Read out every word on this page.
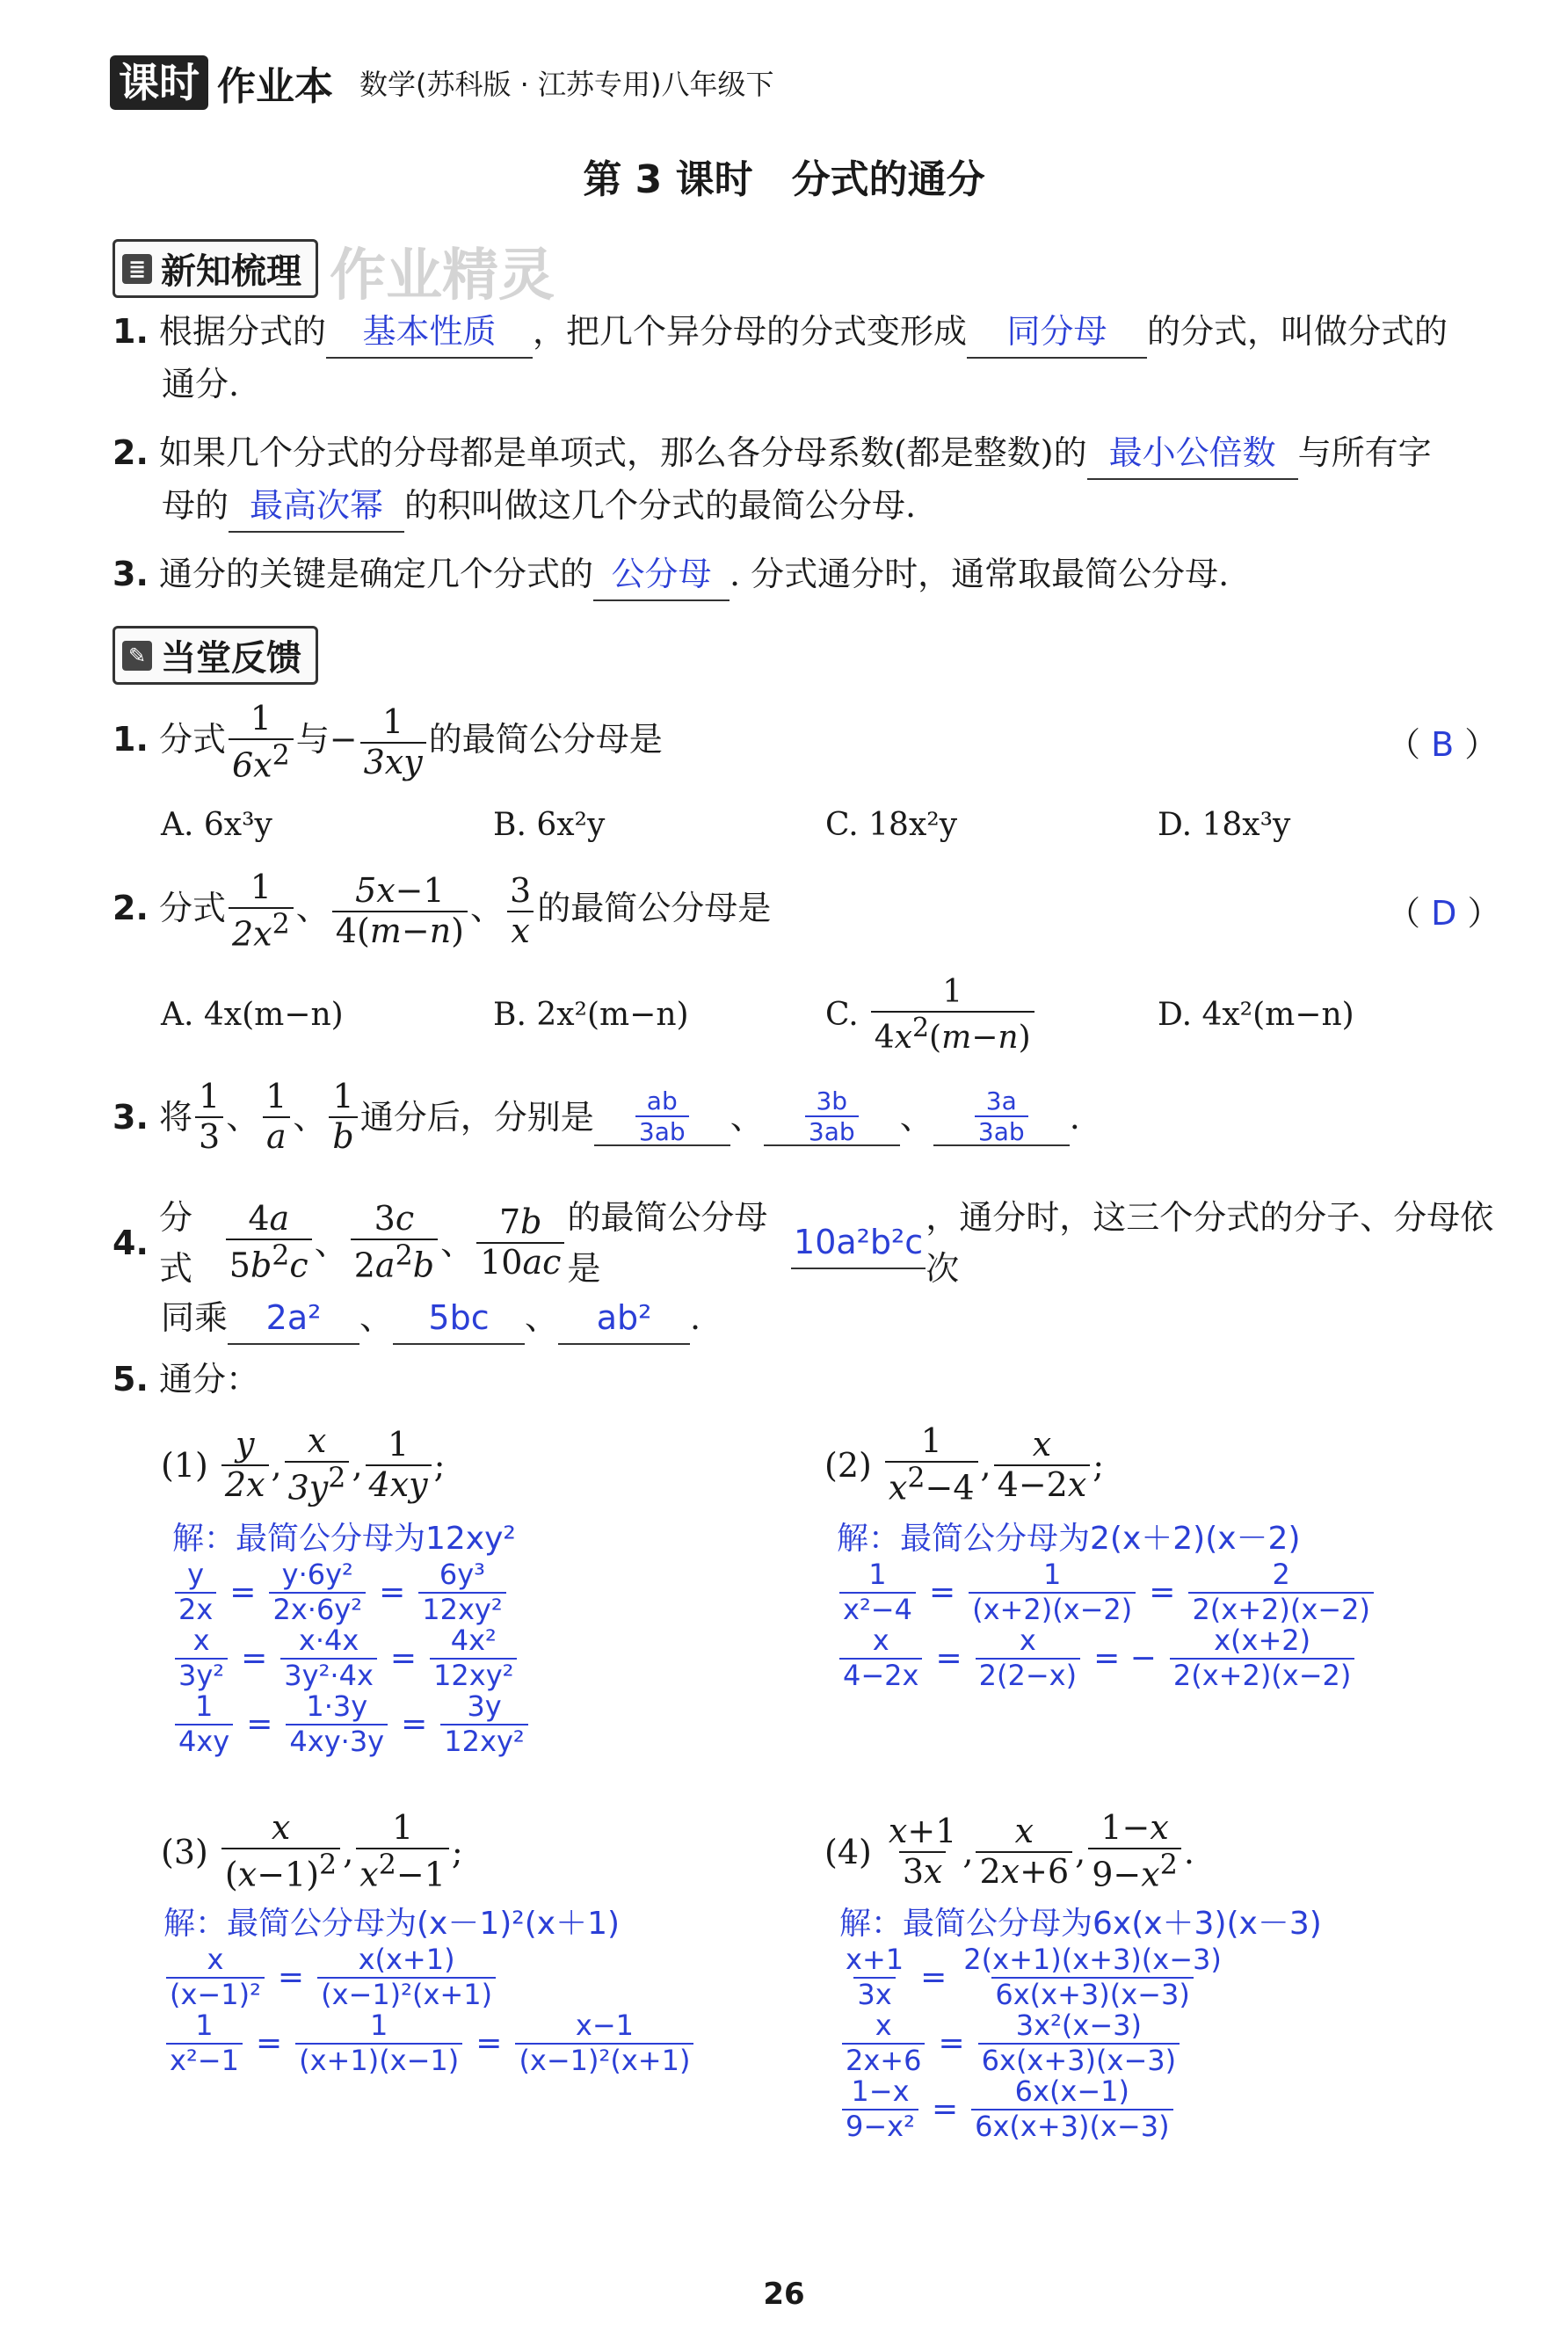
课时 作业本 数学(苏科版 · 江苏专用)八年级下
第 3 课时　分式的通分
作业精灵
≣ 新知梳理
1. 根据分式的 基本性质 ，把几个异分母的分式变形成 同分母 的分式，叫做分式的
通分.
2. 如果几个分式的分母都是单项式，那么各分母系数(都是整数)的 最小公倍数 与所有字
母的 最高次幂 的积叫做这几个分式的最简公分母.
3. 通分的关键是确定几个分式的 公分母 . 分式通分时，通常取最简公分母.
✎ 当堂反馈
1. 分式 $\frac{1}{6x^2}$ 与− $\frac{1}{3xy}$ 的最简公分母是	（ B ）
A. 6x³y	B. 6x²y	C. 18x²y	D. 18x³y
2. 分式 $\frac{1}{2x^2}$ 、 $\frac{5x-1}{4(m-n)}$ 、 $\frac{3}{x}$ 的最简公分母是	（ D ）
A. 4x(m−n)	B. 2x²(m−n)	C. $\frac{1}{4x^2(m-n)}$	D. 4x²(m−n)
3.
将 $\frac{1}{3}$ 、 $\frac{1}{a}$ 、 $\frac{1}{b}$ 通分后，分别是 $\frac{ab}{3ab}$ 、 $\frac{3b}{3ab}$ 、 $\frac{3a}{3ab}$ .
4.

分式 $\frac{4a}{5b^2c}$ 、 $\frac{3c}{2a^2b}$ 、 $\frac{7b}{10ac}$ 的最简公分母是
10a²b²c
，通分时，这三个分式的分子、分母依次
同乘 2a² 、 5bc 、 ab² .
5. 通分：
(1)
$\frac{y}{2x}$ , $\frac{x}{3y^2}$ , $\frac{1}{4xy}$ ;
解：最简公分母为12xy²
$\frac{y}{2x} = \frac{\text{y·6y²}}{\text{2x·6y²}} = \frac{\text{6y³}}{\text{12xy²}}$
$\frac{x}{\text{3y²}} = \frac{x\cdot 4x}{\text{3y²·4x}} = \frac{\text{4x²}}{\text{12xy²}}$
$\frac{1}{4xy} = \frac{1\cdot 3y}{4xy\cdot 3y} = \frac{3y}{\text{12xy²}}$
(2)
$\frac{1}{x^2-4}$ , $\frac{x}{4-2x}$ ;
解：最简公分母为2(x＋2)(x－2)
$\frac{1}{\text{x²−4}} = \frac{1}{(x+2)(x-2)} = \frac{2}{2(x+2)(x-2)}$
$\frac{x}{4-2x} = \frac{x}{2(2-x)}$ = − $\frac{x(x+2)}{2(x+2)(x-2)}$
(3)
$\frac{x}{(x-1)^2}$ , $\frac{1}{x^2-1}$ ;
解：最简公分母为(x－1)²(x＋1)
$\frac{x}{\text{(x−1)²}} = \frac{x(x+1)}{\text{(x−1)²(x+1)}}$
$\frac{1}{\text{x²−1}} = \frac{1}{(x+1)(x-1)} = \frac{x-1}{\text{(x−1)²(x+1)}}$
(4)
$\frac{x+1}{3x}$ , $\frac{x}{2x+6}$ , $\frac{1-x}{9-x^2}$ .
解：最简公分母为6x(x＋3)(x－3)
$\frac{x+1}{3x} = \frac{2(x+1)(x+3)(x-3)}{6x(x+3)(x-3)}$
$\frac{x}{2x+6} = \frac{\text{3x²(x−3)}}{6x(x+3)(x-3)}$
$\frac{1-x}{\text{9−x²}} = \frac{6x(x-1)}{6x(x+3)(x-3)}$
26
